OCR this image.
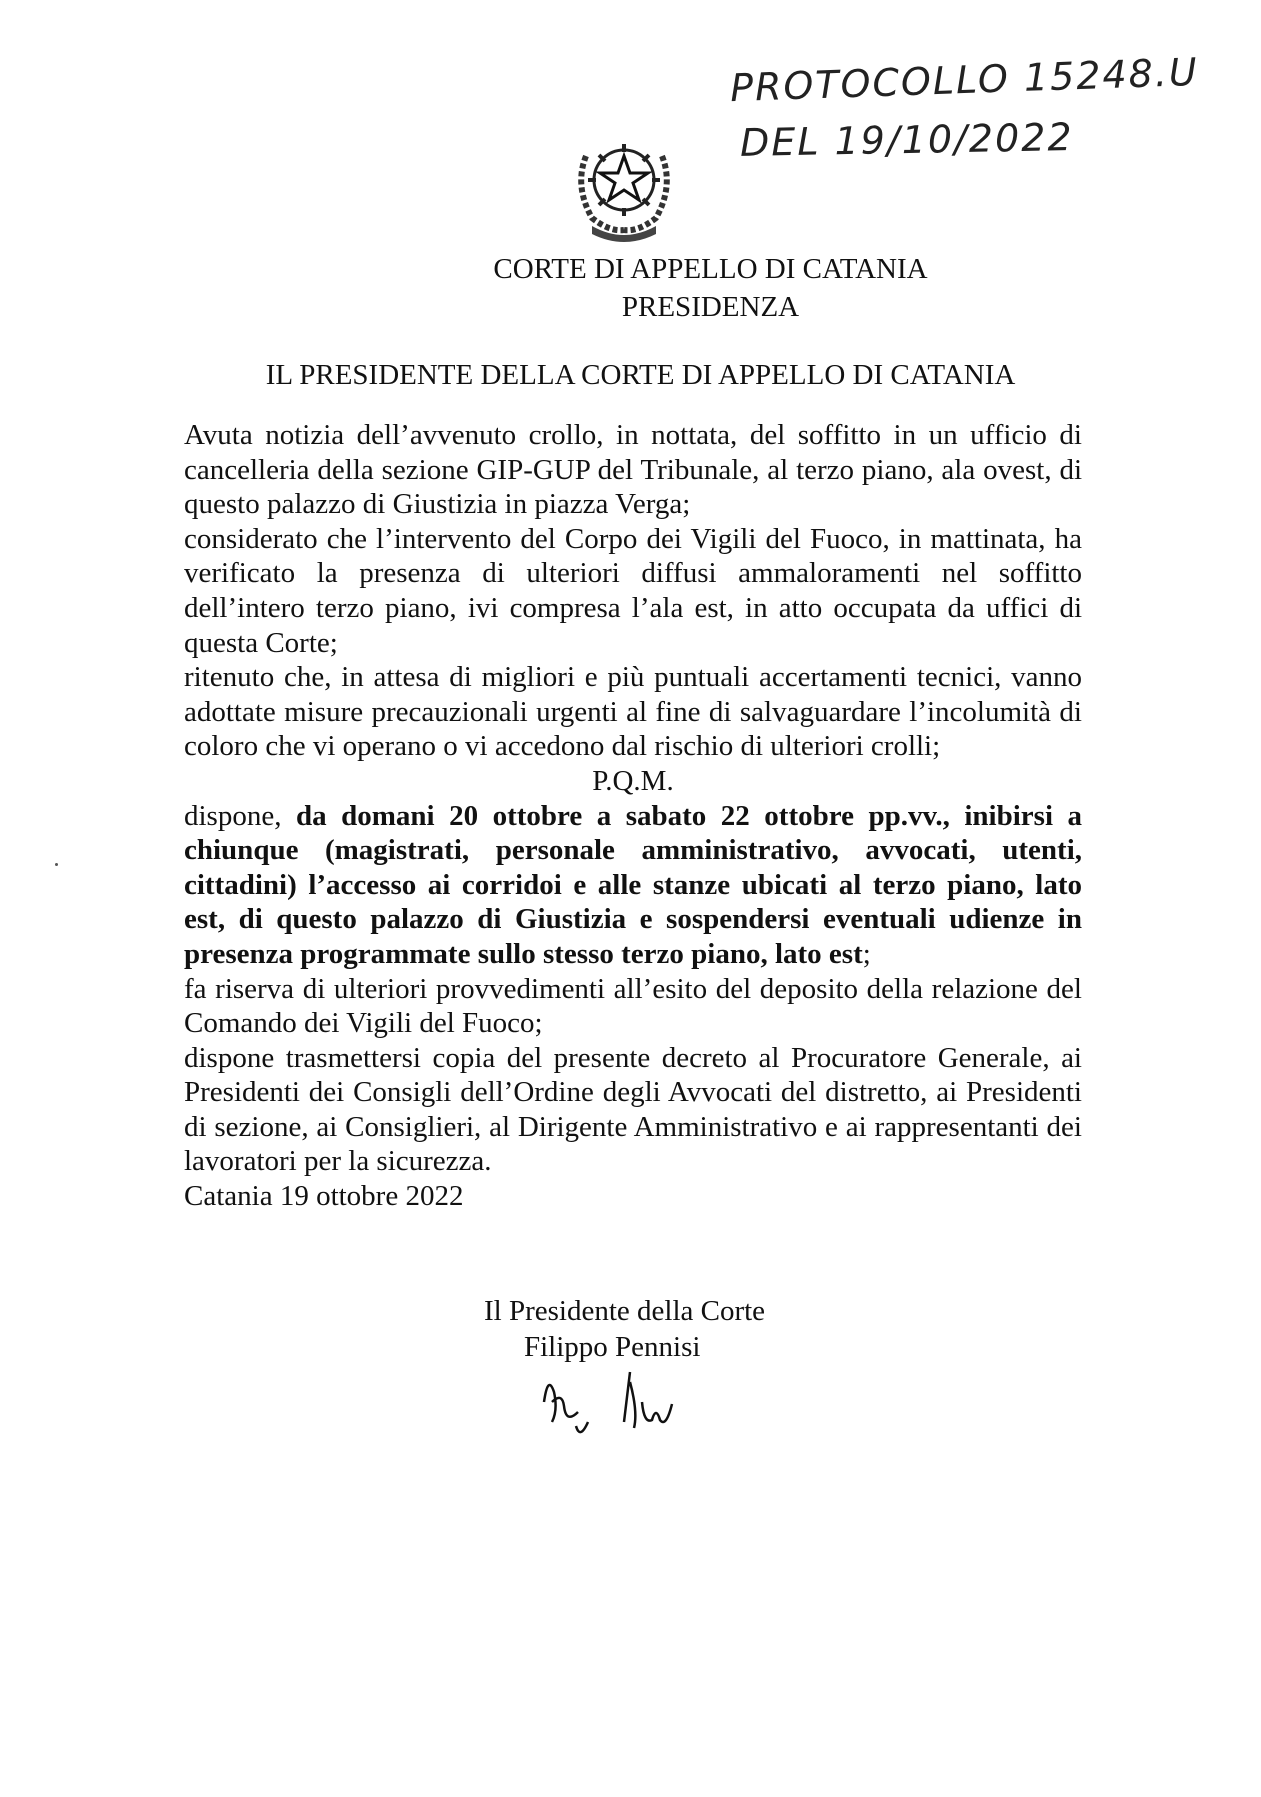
PROTOCOLLO 15248.U
DEL 19/10/2022
CORTE DI APPELLO DI CATANIA
PRESIDENZA
IL PRESIDENTE DELLA CORTE DI APPELLO DI CATANIA

Avuta notizia dell’avvenuto crollo, in nottata, del soffitto in un ufficio di cancelleria della sezione GIP-GUP del Tribunale, al terzo piano, ala ovest, di questo palazzo di Giustizia in piazza Verga;

considerato che l’intervento del Corpo dei Vigili del Fuoco, in mattinata, ha verificato la presenza di ulteriori diffusi ammaloramenti nel soffitto dell’intero terzo piano, ivi compresa l’ala est, in atto occupata da uffici di questa Corte;

ritenuto che, in attesa di migliori e più puntuali accertamenti tecnici, vanno adottate misure precauzionali urgenti al fine di salvaguardare l’incolumità di coloro che vi operano o vi accedono dal rischio di ulteriori crolli;

P.Q.M.

dispone, da domani 20 ottobre a sabato 22 ottobre pp.vv., inibirsi a chiunque (magistrati, personale amministrativo, avvocati, utenti, cittadini) l’accesso ai corridoi e alle stanze ubicati al terzo piano, lato est, di questo palazzo di Giustizia e sospendersi eventuali udienze in presenza programmate sullo stesso terzo piano, lato est;

fa riserva di ulteriori provvedimenti all’esito del deposito della relazione del Comando dei Vigili del Fuoco;

dispone trasmettersi copia del presente decreto al Procuratore Generale, ai Presidenti dei Consigli dell’Ordine degli Avvocati del distretto, ai Presidenti di sezione, ai Consiglieri, al Dirigente Amministrativo e ai rappresentanti dei lavoratori per la sicurezza.

Catania 19 ottobre 2022

Il Presidente della Corte
Filippo Pennisi
